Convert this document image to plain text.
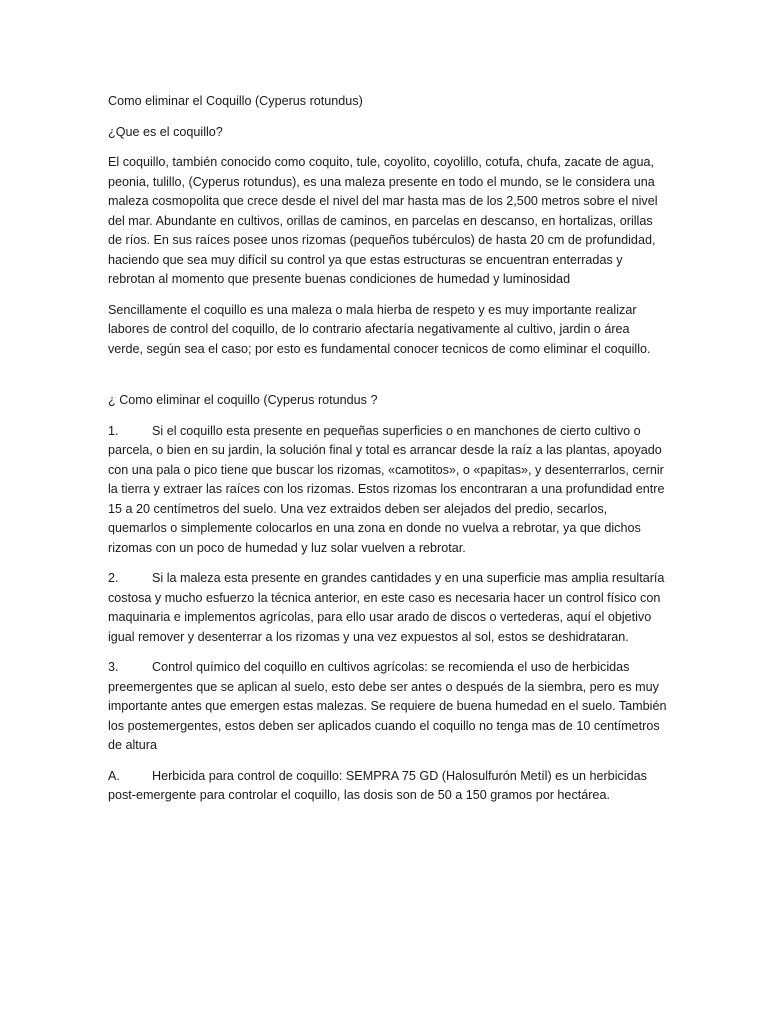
Como eliminar el Coquillo (Cyperus rotundus)

¿Que es el coquillo?

El coquillo, también conocido como coquito, tule, coyolito, coyolillo, cotufa, chufa, zacate de agua, peonia, tulillo, (Cyperus rotundus), es una maleza presente en todo el mundo, se le considera una maleza cosmopolita que crece desde el nivel del mar hasta mas de los 2,500 metros sobre el nivel del mar. Abundante en cultivos, orillas de caminos, en parcelas en descanso, en hortalizas, orillas de ríos. En sus raíces posee unos rizomas (pequeños tubérculos) de hasta 20 cm de profundidad, haciendo que sea muy difícil su control ya que estas estructuras se encuentran enterradas y rebrotan al momento que presente buenas condiciones de humedad y luminosidad

Sencillamente el coquillo es una maleza o mala hierba de respeto y es muy importante realizar labores de control del coquillo, de lo contrario afectaría negativamente al cultivo, jardin o área verde, según sea el caso; por esto es fundamental conocer tecnicos de como eliminar el coquillo.

¿ Como eliminar el coquillo (Cyperus rotundus ?

1.	Si el coquillo esta presente en pequeñas superficies o en manchones de cierto cultivo o parcela, o bien en su jardin, la solución final y total es arrancar desde la raíz a las plantas, apoyado con una pala o pico tiene que buscar los rizomas, «camotitos», o «papitas», y desenterrarlos, cernir la tierra y extraer las raíces con los rizomas. Estos rizomas los encontraran a una profundidad entre 15 a 20 centímetros del suelo. Una vez extraidos deben ser alejados del predio, secarlos, quemarlos o simplemente colocarlos en una zona en donde no vuelva a rebrotar, ya que dichos rizomas con un poco de humedad y luz solar vuelven a rebrotar.

2.	Si la maleza esta presente en grandes cantidades y en una superficie mas amplia resultaría costosa y mucho esfuerzo la técnica anterior, en este caso es necesaria hacer un control físico con maquinaria e implementos agrícolas, para ello usar arado de discos o vertederas, aquí el objetivo igual remover y desenterrar a los rizomas y una vez expuestos al sol, estos se deshidrataran.

3.	Control químico del coquillo en cultivos agrícolas: se recomienda el uso de herbicidas preemergentes que se aplican al suelo, esto debe ser antes o después de la siembra, pero es muy importante antes que emergen estas malezas. Se requiere de buena humedad en el suelo. También los postemergentes, estos deben ser aplicados cuando el coquillo no tenga mas de 10 centímetros de altura

A.	Herbicida para control de coquillo: SEMPRA 75 GD (Halosulfurón Metíl) es un herbicidas post-emergente para controlar el coquillo, las dosis son de 50 a 150 gramos por hectárea.
